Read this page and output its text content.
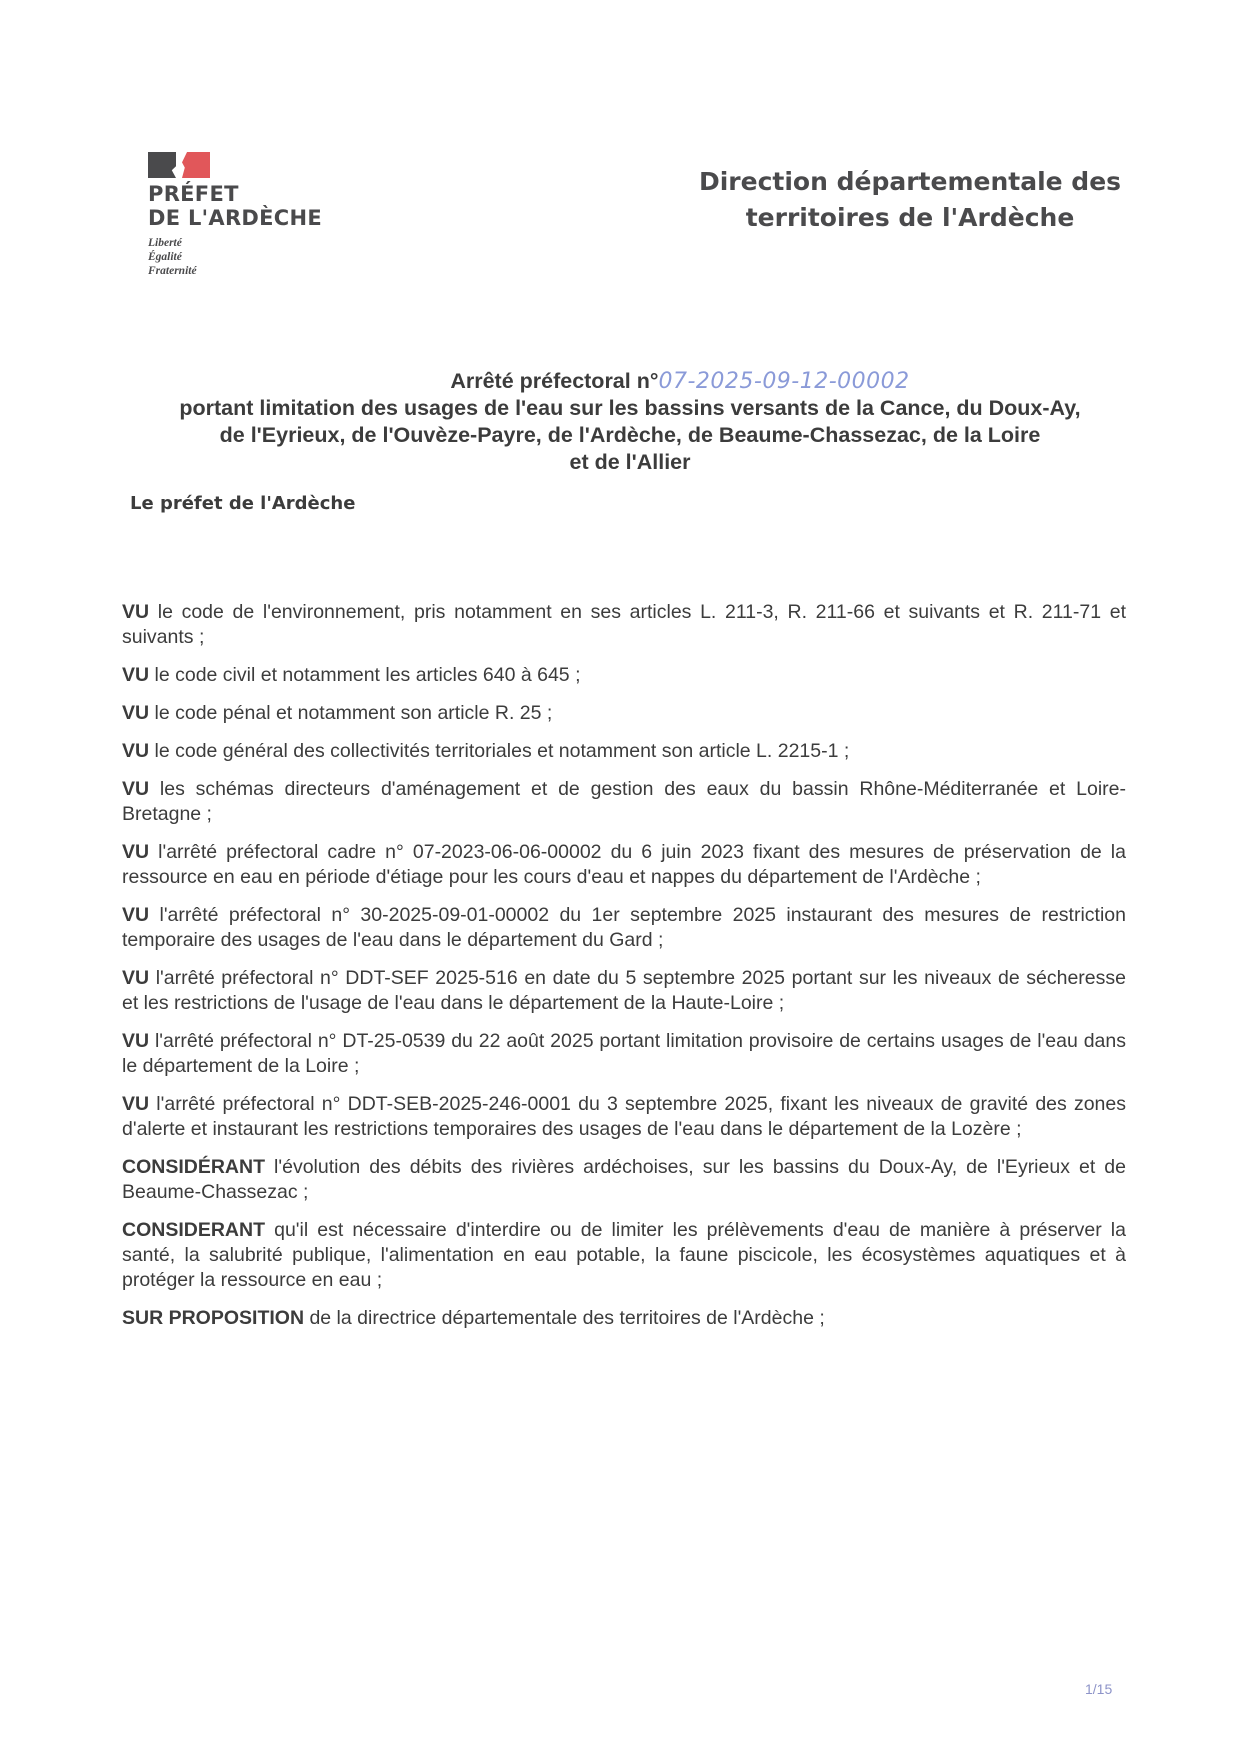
PRÉFET
DE L'ARDÈCHE
Liberté
Égalité
Fraternité
Direction départementale des
territoires de l'Ardèche
Arrêté préfectoral n°07-2025-09-12-00002
portant limitation des usages de l'eau sur les bassins versants de la Cance, du Doux-Ay,
de l'Eyrieux, de l'Ouvèze-Payre, de l'Ardèche, de Beaume-Chassezac, de la Loire
et de l'Allier
Le préfet de l'Ardèche

VU le code de l'environnement, pris notamment en ses articles L. 211-3, R. 211-66 et suivants et R. 211-71 et suivants ;

VU le code civil et notamment les articles 640 à 645 ;

VU le code pénal et notamment son article R. 25 ;

VU le code général des collectivités territoriales et notamment son article L. 2215-1 ;

VU les schémas directeurs d'aménagement et de gestion des eaux du bassin Rhône-Méditerranée et Loire-Bretagne ;

VU l'arrêté préfectoral cadre n° 07-2023-06-06-00002 du 6 juin 2023 fixant des mesures de préservation de la ressource en eau en période d'étiage pour les cours d'eau et nappes du département de l'Ardèche ;

VU l'arrêté préfectoral n° 30-2025-09-01-00002 du 1er septembre 2025 instaurant des mesures de restriction temporaire des usages de l'eau dans le département du Gard ;

VU l'arrêté préfectoral n° DDT-SEF 2025-516 en date du 5 septembre 2025 portant sur les niveaux de sécheresse et les restrictions de l'usage de l'eau dans le département de la Haute-Loire ;

VU l'arrêté préfectoral n° DT-25-0539 du 22 août 2025 portant limitation provisoire de certains usages de l'eau dans le département de la Loire ;

VU l'arrêté préfectoral n° DDT-SEB-2025-246-0001 du 3 septembre 2025, fixant les niveaux de gravité des zones d'alerte et instaurant les restrictions temporaires des usages de l'eau dans le département de la Lozère ;

CONSIDÉRANT l'évolution des débits des rivières ardéchoises, sur les bassins du Doux-Ay, de l'Eyrieux et de Beaume-Chassezac ;

CONSIDERANT qu'il est nécessaire d'interdire ou de limiter les prélèvements d'eau de manière à préserver la santé, la salubrité publique, l'alimentation en eau potable, la faune piscicole, les écosystèmes aquatiques et à protéger la ressource en eau ;

SUR PROPOSITION de la directrice départementale des territoires de l'Ardèche ;

1/15
